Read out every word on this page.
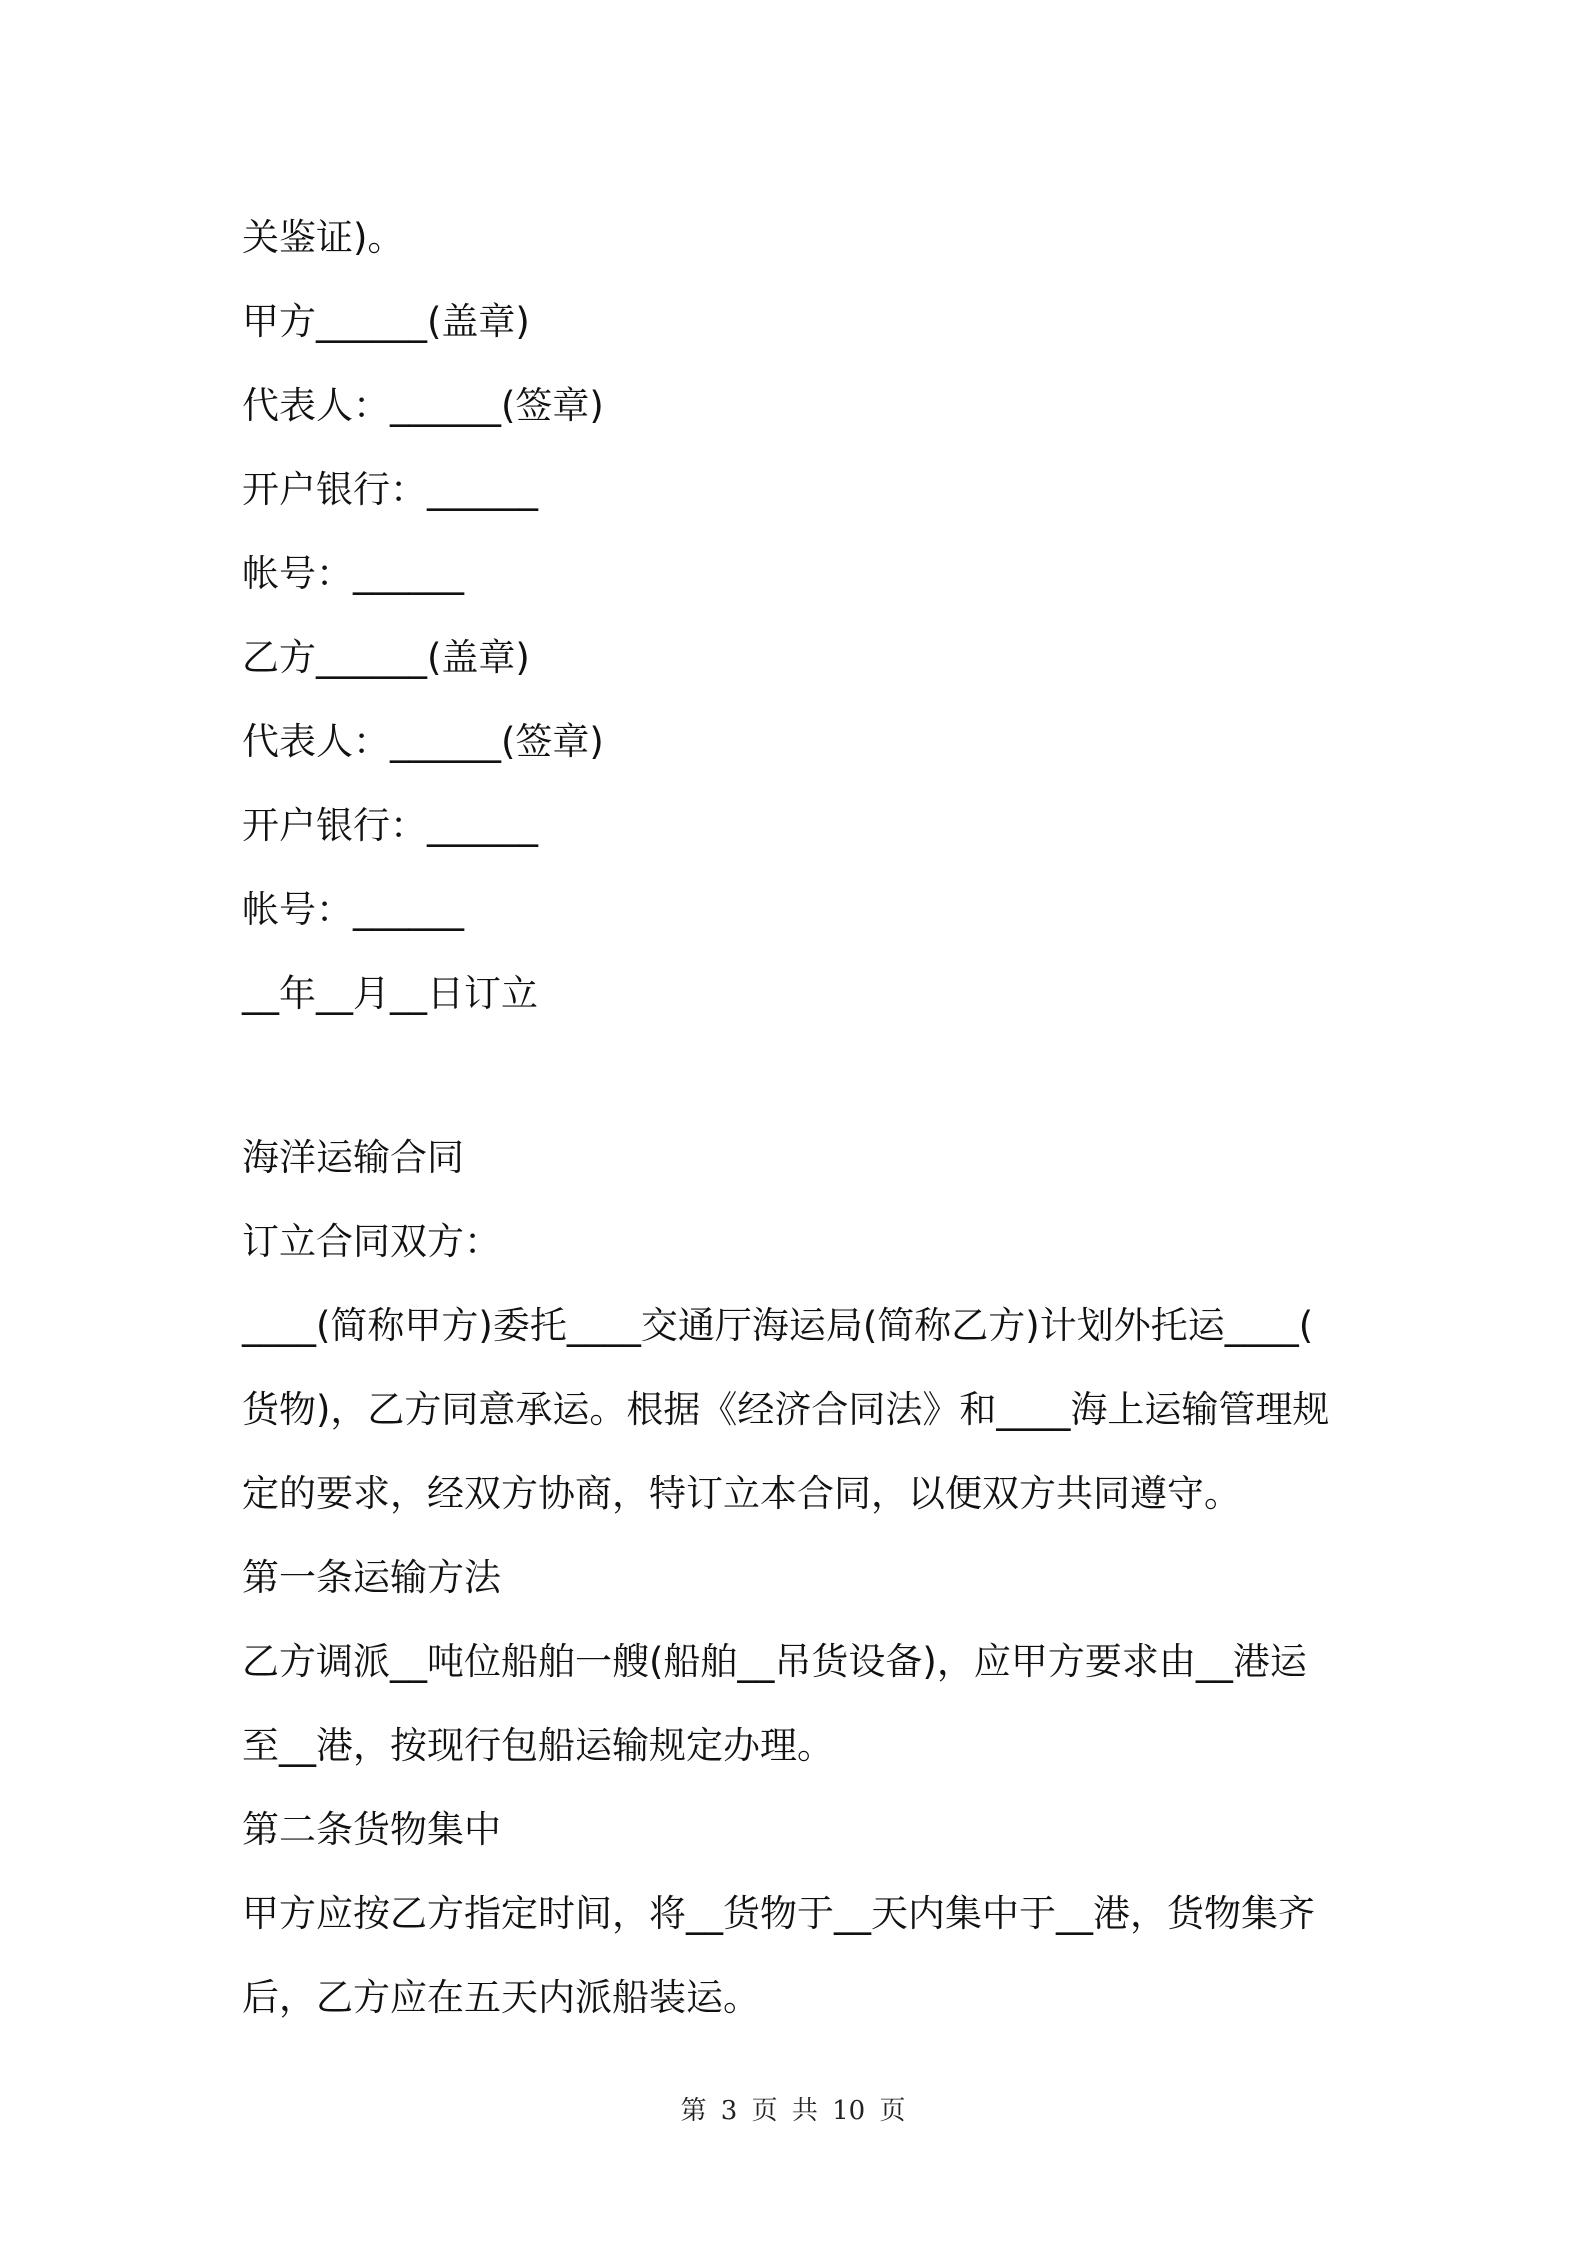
关鉴证)。

甲方______(盖章)

代表人：______(签章)

开户银行：______

帐号：______

乙方______(盖章)

代表人：______(签章)

开户银行：______

帐号：______

__年__月__日订立

海洋运输合同

订立合同双方：

____(简称甲方)委托____交通厅海运局(简称乙方)计划外托运____(

货物)，乙方同意承运。根据《经济合同法》和____海上运输管理规

定的要求，经双方协商，特订立本合同，以便双方共同遵守。

第一条运输方法

乙方调派__吨位船舶一艘(船舶__吊货设备)，应甲方要求由__港运

至__港，按现行包船运输规定办理。

第二条货物集中

甲方应按乙方指定时间，将__货物于__天内集中于__港，货物集齐

后，乙方应在五天内派船装运。

第 3 页 共 10 页
